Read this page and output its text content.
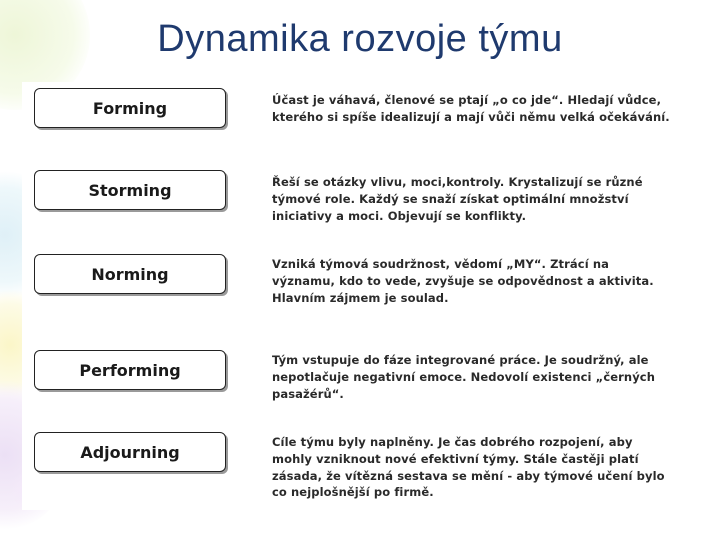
Dynamika rozvoje týmu
Forming	Účast je váhavá, členové se ptají „o co jde“. Hledají vůdce, kterého si spíše idealizují a mají vůči němu velká očekávání.
Storming	Řeší se otázky vlivu, moci,kontroly. Krystalizují se různé týmové role. Každý se snaží získat optimální množství iniciativy a moci. Objevují se konflikty.
Norming
Vzniká týmová soudržnost, vědomí „MY“. Ztrácí na významu, kdo to vede, zvyšuje se odpovědnost a aktivita. Hlavním zájmem je soulad.
Performing
Tým vstupuje do fáze integrované práce. Je soudržný, ale nepotlačuje negativní emoce. Nedovolí existenci „černých pasažérů“.
Adjourning
Cíle týmu byly naplněny. Je čas dobrého rozpojení, aby mohly vzniknout nové efektivní týmy. Stále častěji platí zásada, že vítězná sestava se mění - aby týmové učení bylo co nejplošnější po firmě.
